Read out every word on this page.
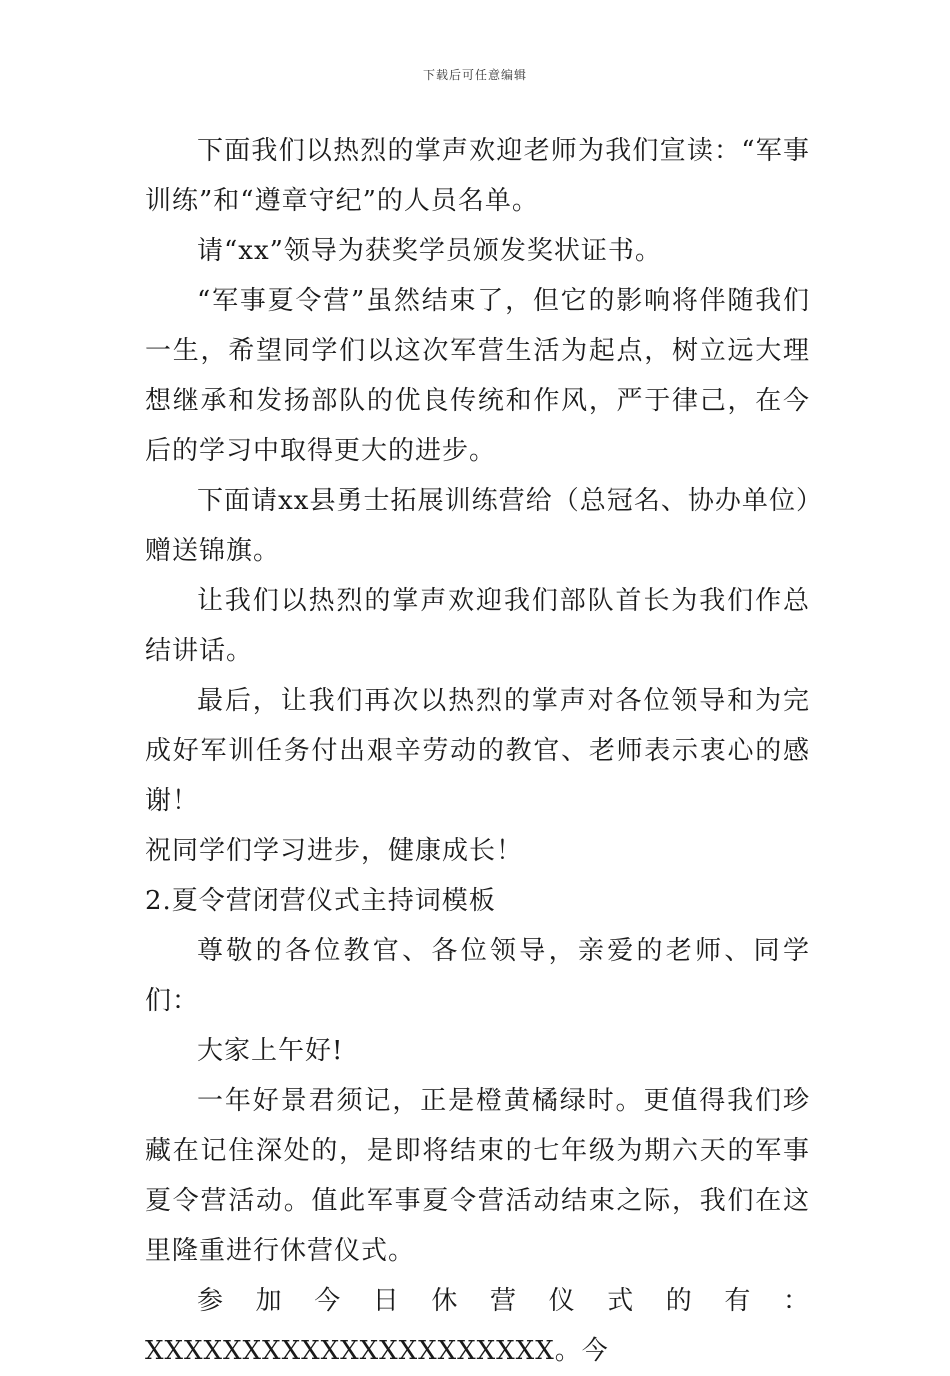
下载后可任意编辑

下面我们以热烈的掌声欢迎老师为我们宣读：“军事训练”和“遵章守纪”的人员名单。

请“xx”领导为获奖学员颁发奖状证书。

“军事夏令营”虽然结束了，但它的影响将伴随我们一生，希望同学们以这次军营生活为起点，树立远大理想继承和发扬部队的优良传统和作风，严于律己，在今后的学习中取得更大的进步。

下面请xx县勇士拓展训练营给（总冠名、协办单位）赠送锦旗。

让我们以热烈的掌声欢迎我们部队首长为我们作总结讲话。

最后，让我们再次以热烈的掌声对各位领导和为完成好军训任务付出艰辛劳动的教官、老师表示衷心的感谢！

祝同学们学习进步，健康成长！

2.夏令营闭营仪式主持词模板

尊敬的各位教官、各位领导，亲爱的老师、同学们：

大家上午好!

一年好景君须记，正是橙黄橘绿时。更值得我们珍藏在记住深处的，是即将结束的七年级为期六天的军事夏令营活动。值此军事夏令营活动结束之际，我们在这里隆重进行休营仪式。

参加今日休营仪式的有：XXXXXXXXXXXXXXXXXXXXX。今
